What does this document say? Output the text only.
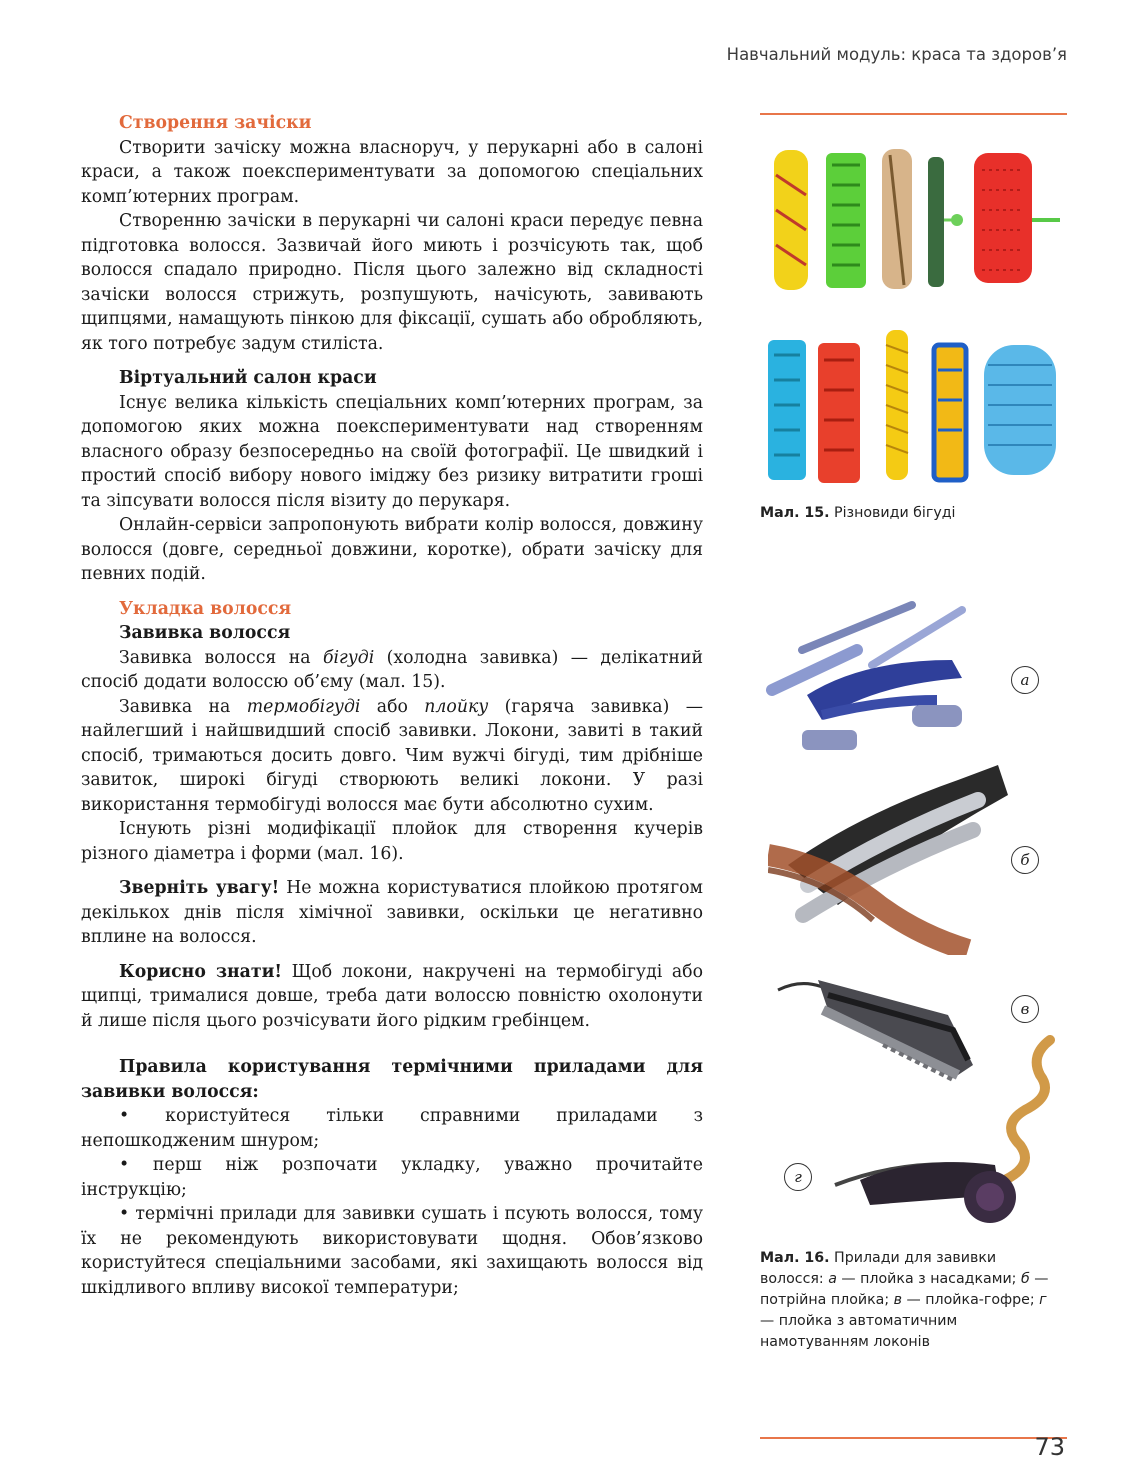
Навчальний модуль: краса та здоров’я
Створення зачіски

Створити зачіску можна власноруч, у перукарні або в салоні краси, а також поекспериментувати за допомогою спеціальних комп’ютерних програм.

Створенню зачіски в перукарні чи салоні краси передує певна підготовка волосся. Зазвичай його миють і розчісують так, щоб волосся спадало природно. Після цього залежно від складності зачіски волосся стрижуть, розпушують, начісують, завивають щипцями, намащують пінкою для фіксації, сушать або обробляють, як того потребує задум стиліста.

Віртуальний салон краси

Існує велика кількість спеціальних комп’ютерних програм, за допомогою яких можна поекспериментувати над створенням власного образу безпосередньо на своїй фотографії. Це швидкий і простий спосіб вибору нового іміджу без ризику витратити гроші та зіпсувати волосся після візиту до перукаря.

Онлайн-сервіси запропонують вибрати колір волосся, довжину волосся (довге, середньої довжини, коротке), обрати зачіску для певних подій.

Укладка волосся
Завивка волосся

Завивка волосся на бігуді (холодна завивка) — делікатний спосіб додати волоссю об’єму (мал. 15).

Завивка на термобігуді або плойку (гаряча завивка) — найлегший і найшвидший спосіб завивки. Локони, завиті в такий спосіб, тримаються досить довго. Чим вужчі бігуді, тим дрібніше завиток, широкі бігуді створюють великі локони. У разі використання термобігуді волосся має бути абсолютно сухим.

Існують різні модифікації плойок для створення кучерів різного діаметра і форми (мал. 16).

Зверніть увагу! Не можна користуватися плойкою протягом декількох днів після хімічної завивки, оскільки це негативно вплине на волосся.

Корисно знати! Щоб локони, накручені на термобігуді або щипці, трималися довше, треба дати волоссю повністю охолонути й лише після цього розчісувати його рідким гребінцем.

Правила користування термічними приладами для завивки волосся:

• користуйтеся тільки справними приладами з непошкодженим шнуром;

• перш ніж розпочати укладку, уважно прочитайте інструкцію;

• термічні прилади для завивки сушать і псують волосся, тому їх не рекомендують використовувати щодня. Обов’язково користуйтеся спеціальними засобами, які захищають волосся від шкідливого впливу високої температури;

Мал. 15. Різновиди бігуді
а
б
в
г
Мал. 16. Прилади для завивки волосся: а — плойка з насадками; б — потрійна плойка; в — плойка-гофре; г — плойка з автоматичним намотуванням локонів
73
